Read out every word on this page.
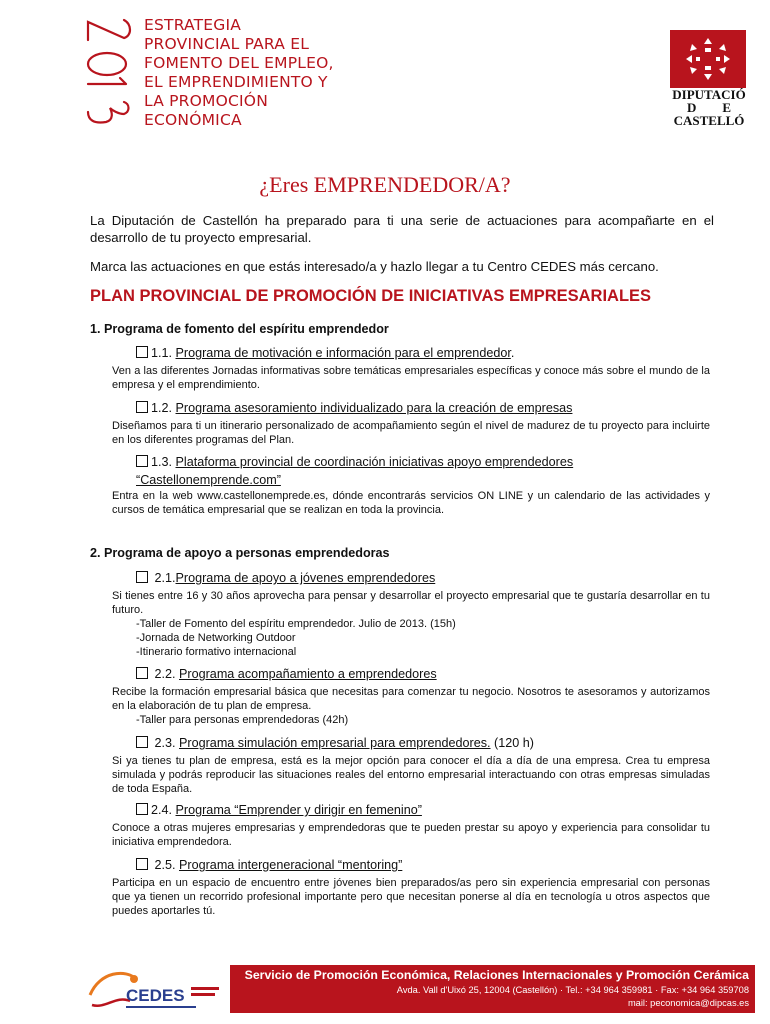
ESTRATEGIA
PROVINCIAL PARA EL
FOMENTO DEL EMPLEO,
EL EMPRENDIMIENTO Y
LA PROMOCIÓN
ECONÓMICA
DIPUTACIÓ
D        E
CASTELLÓ
¿Eres EMPRENDEDOR/A?
La Diputación de Castellón ha preparado para ti una serie de actuaciones para acompañarte en el desarrollo de tu proyecto empresarial.
Marca las actuaciones en que estás interesado/a y hazlo llegar a tu Centro CEDES más cercano.
PLAN PROVINCIAL DE PROMOCIÓN DE INICIATIVAS EMPRESARIALES
1. Programa de fomento del espíritu emprendedor
1.1. Programa de motivación e información para el emprendedor.
Ven a las diferentes Jornadas informativas sobre temáticas empresariales específicas y conoce más sobre el mundo de la empresa y el emprendimiento.
1.2. Programa asesoramiento individualizado para la creación de empresas
Diseñamos para ti un itinerario personalizado de acompañamiento según el nivel de madurez de tu proyecto para incluirte en los diferentes programas del Plan.
1.3. Plataforma provincial de coordinación iniciativas apoyo emprendedores
“Castellonemprende.com”
Entra en la web www.castellonemprede.es, dónde encontrarás servicios ON LINE y un calendario de las actividades y cursos de temática empresarial que se realizan en toda la provincia.
2. Programa de apoyo a personas emprendedoras
2.1.Programa de apoyo a jóvenes emprendedores
Si tienes entre 16 y 30 años aprovecha para pensar y desarrollar el proyecto empresarial que te gustaría desarrollar en tu futuro.
-Taller de Fomento del espíritu emprendedor. Julio de 2013. (15h)
-Jornada de Networking Outdoor
-Itinerario formativo internacional
2.2. Programa acompañamiento a emprendedores
Recibe la formación empresarial básica que necesitas para comenzar tu negocio. Nosotros te asesoramos y autorizamos en la elaboración de tu plan de empresa.
-Taller para personas emprendedoras (42h)
2.3. Programa simulación empresarial para emprendedores. (120 h)
Si ya tienes tu plan de empresa, está es la mejor opción para conocer el día a día de una empresa. Crea tu empresa simulada y podrás reproducir las situaciones reales del entorno empresarial interactuando con otras empresas simuladas de toda España.
2.4. Programa “Emprender y dirigir en femenino”
Conoce a otras mujeres empresarias y emprendedoras que te pueden prestar su apoyo y experiencia para consolidar tu iniciativa emprendedora.
2.5. Programa intergeneracional “mentoring”
Participa en un espacio de encuentro entre jóvenes bien preparados/as pero sin experiencia empresarial con personas que ya tienen un recorrido profesional importante pero que necesitan ponerse al día en tecnología u otros aspectos que puedes aportarles tú.
CEDES
Servicio de Promoción Económica, Relaciones Internacionales y Promoción Cerámica
Avda. Vall d'Uixó 25, 12004 (Castellón) · Tel.: +34 964 359981 · Fax: +34 964 359708
mail: peconomica@dipcas.es
